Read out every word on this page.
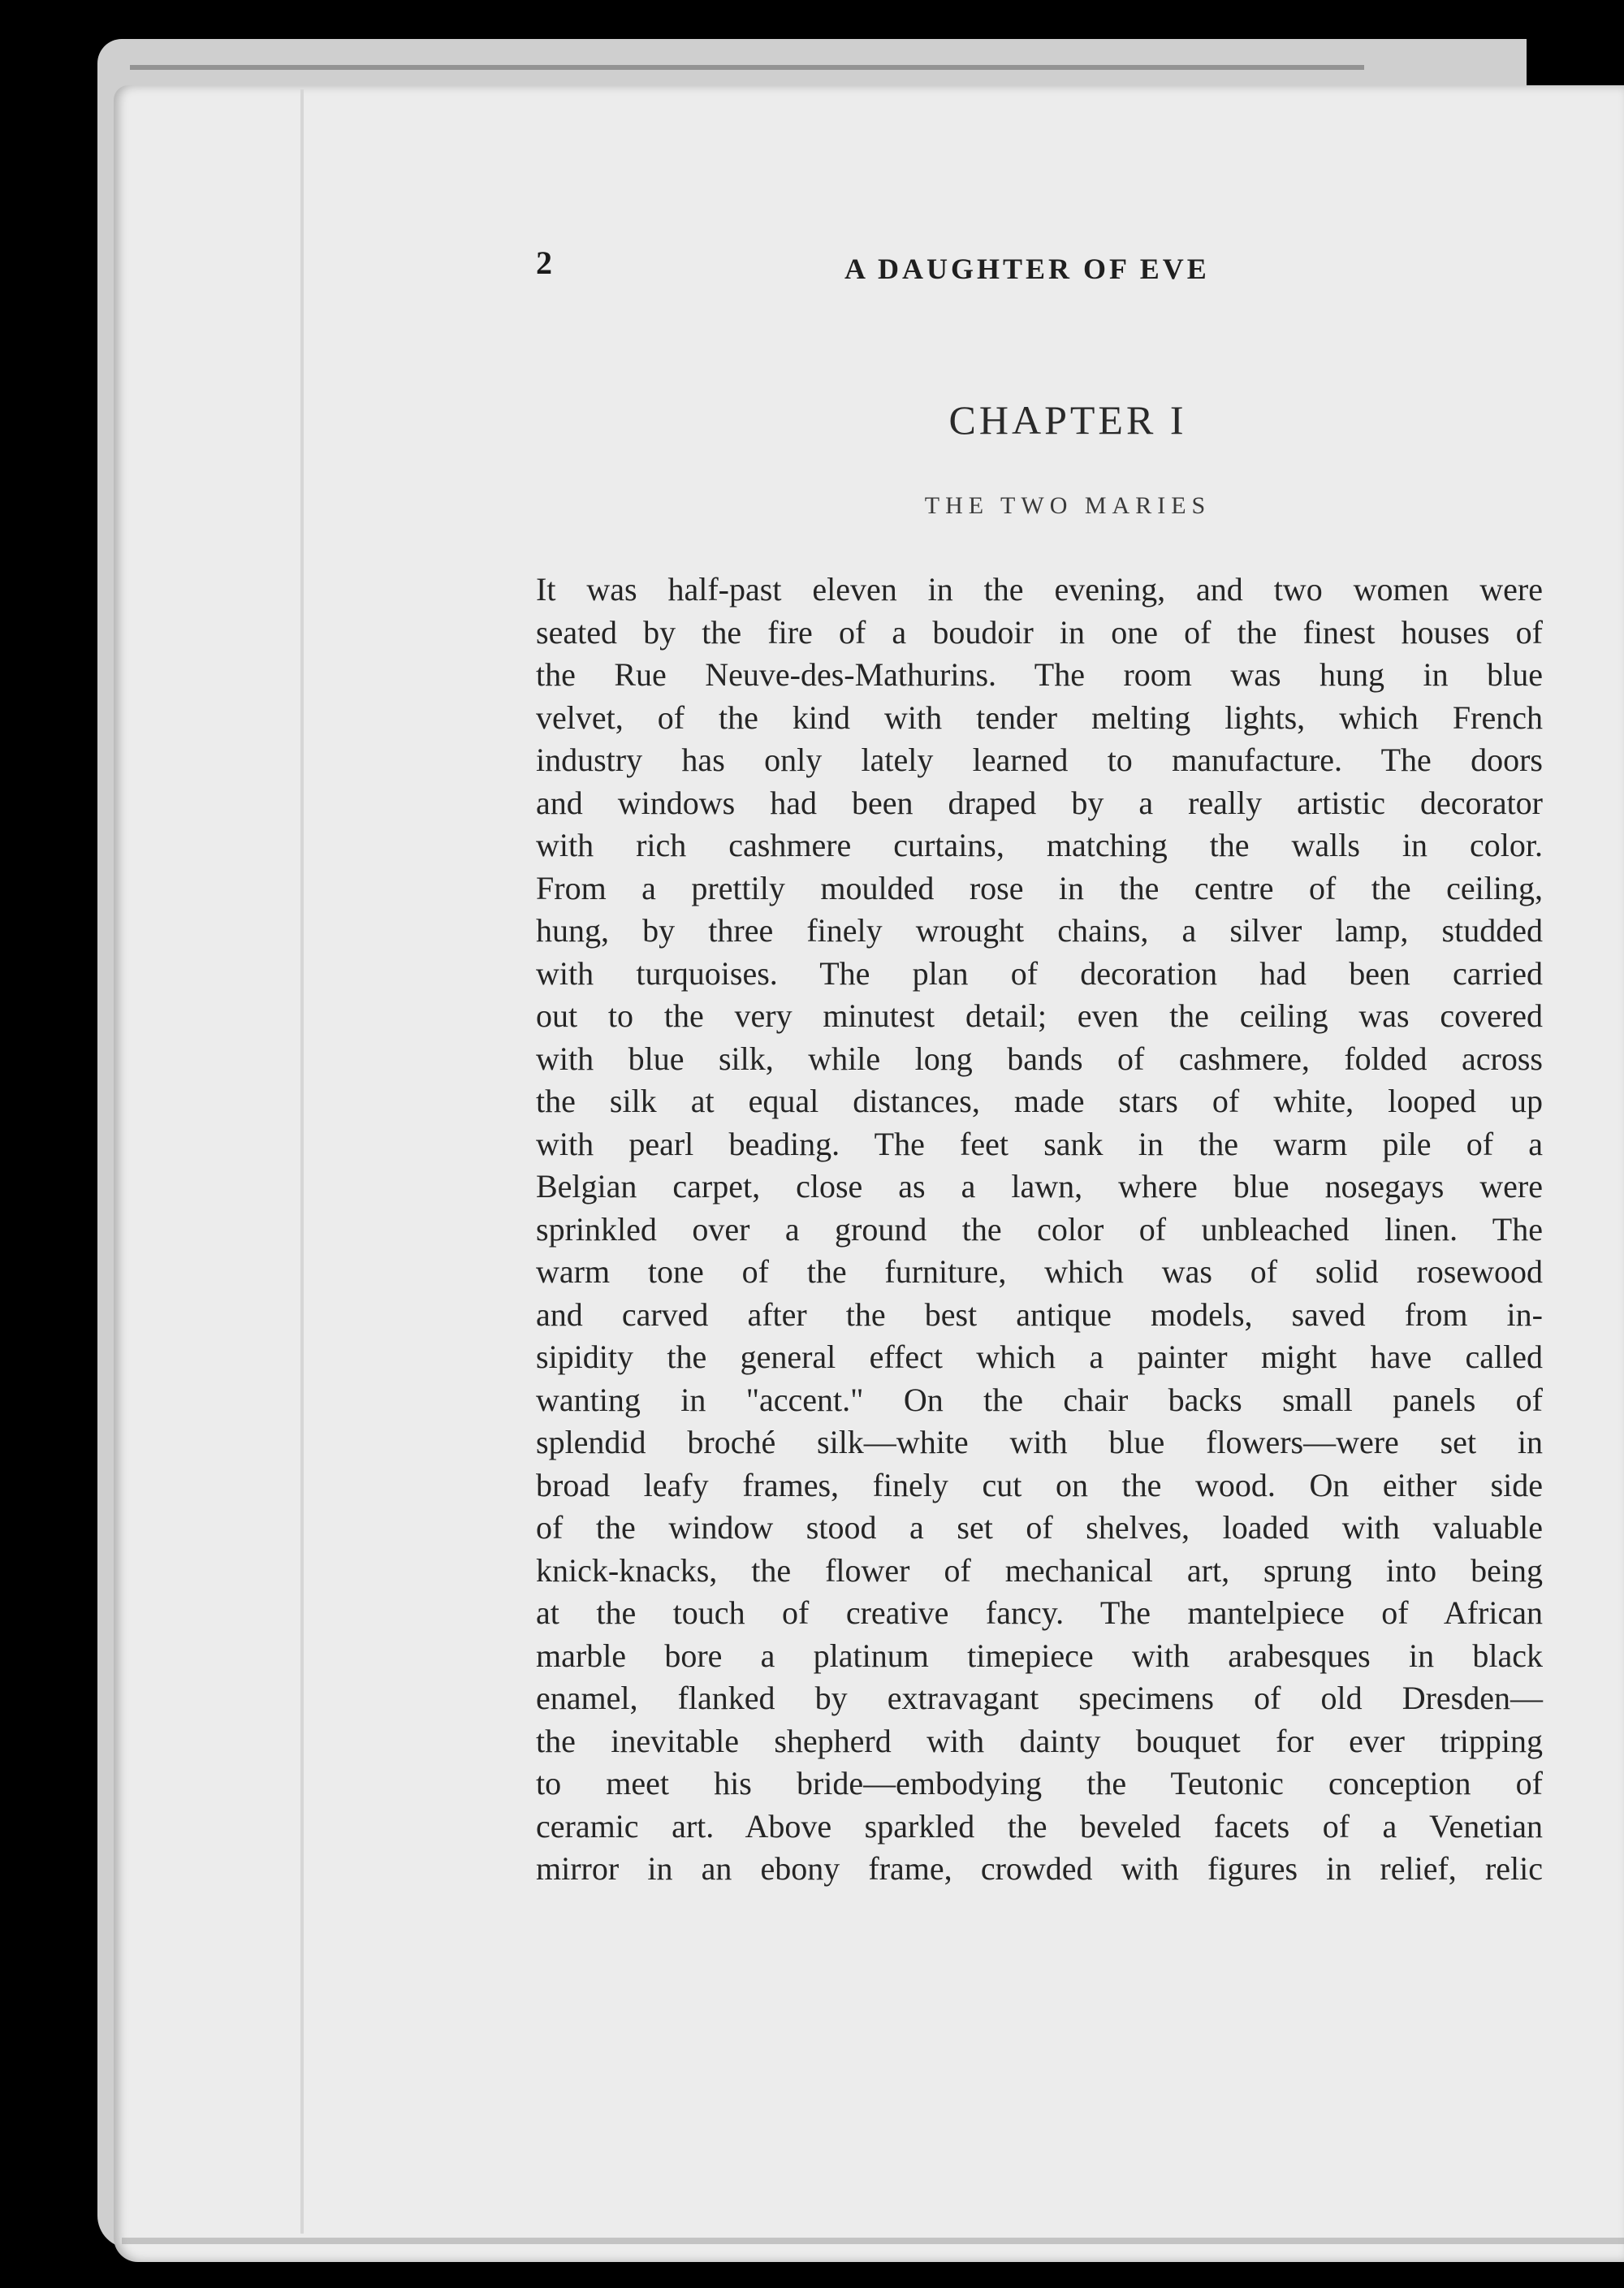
2	A DAUGHTER OF EVE
CHAPTER I
THE TWO MARIES
It was half-past eleven in the evening, and two women were
seated by the fire of a boudoir in one of the finest houses of
the Rue Neuve-des-Mathurins. The room was hung in blue
velvet, of the kind with tender melting lights, which French
industry has only lately learned to manufacture. The doors
and windows had been draped by a really artistic decorator
with rich cashmere curtains, matching the walls in color.
From a prettily moulded rose in the centre of the ceiling,
hung, by three finely wrought chains, a silver lamp, studded
with turquoises. The plan of decoration had been carried
out to the very minutest detail; even the ceiling was covered
with blue silk, while long bands of cashmere, folded across
the silk at equal distances, made stars of white, looped up
with pearl beading. The feet sank in the warm pile of a
Belgian carpet, close as a lawn, where blue nosegays were
sprinkled over a ground the color of unbleached linen. The
warm tone of the furniture, which was of solid rosewood
and carved after the best antique models, saved from in-
sipidity the general effect which a painter might have called
wanting in "accent." On the chair backs small panels of
splendid broché silk—white with blue flowers—were set in
broad leafy frames, finely cut on the wood. On either side
of the window stood a set of shelves, loaded with valuable
knick-knacks, the flower of mechanical art, sprung into being
at the touch of creative fancy. The mantelpiece of African
marble bore a platinum timepiece with arabesques in black
enamel, flanked by extravagant specimens of old Dresden—
the inevitable shepherd with dainty bouquet for ever tripping
to meet his bride—embodying the Teutonic conception of
ceramic art. Above sparkled the beveled facets of a Venetian
mirror in an ebony frame, crowded with figures in relief, relic
